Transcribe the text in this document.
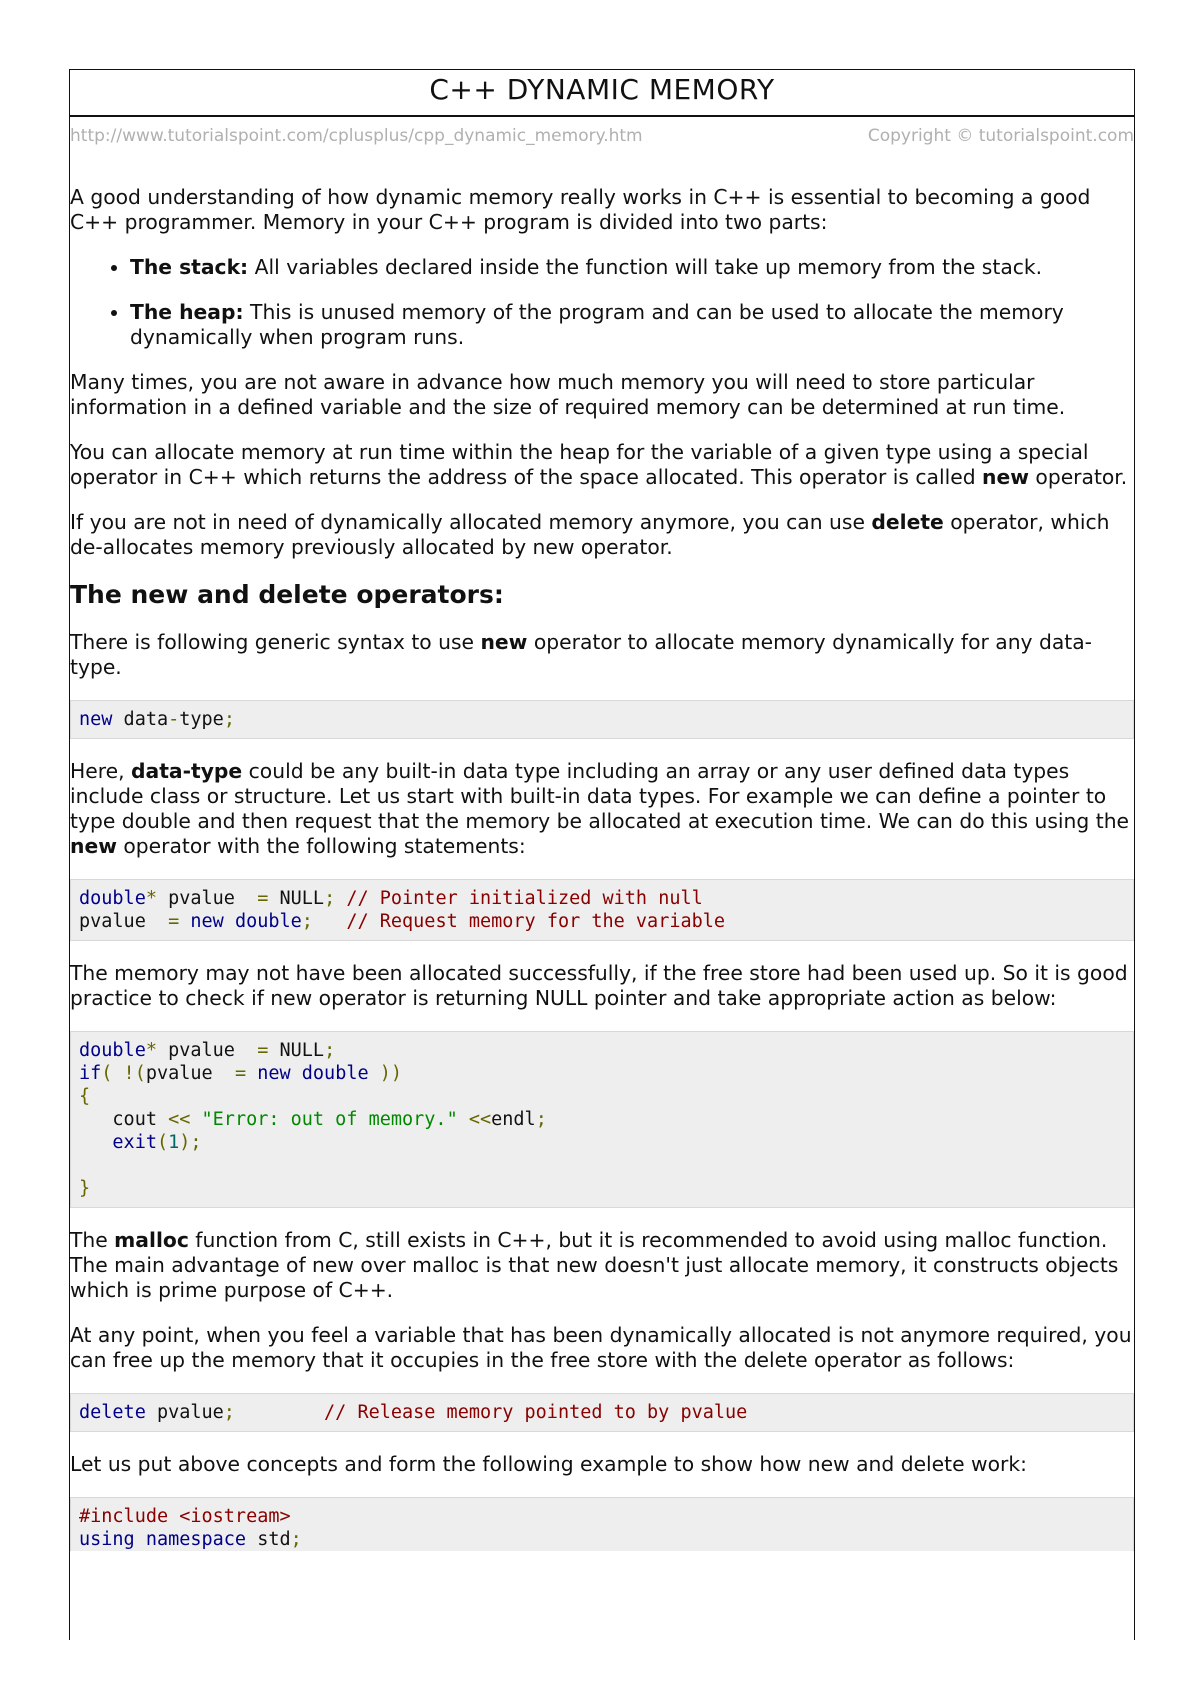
C++ DYNAMIC MEMORY
http://www.tutorialspoint.com/cplusplus/cpp_dynamic_memory.htm	Copyright © tutorialspoint.com

A good understanding of how dynamic memory really works in C++ is essential to becoming a good C++ programmer. Memory in your C++ program is divided into two parts:

• The stack: All variables declared inside the function will take up memory from the stack.
• The heap: This is unused memory of the program and can be used to allocate the memory dynamically when program runs.

Many times, you are not aware in advance how much memory you will need to store particular information in a defined variable and the size of required memory can be determined at run time.

You can allocate memory at run time within the heap for the variable of a given type using a special operator in C++ which returns the address of the space allocated. This operator is called new operator.

If you are not in need of dynamically allocated memory anymore, you can use delete operator, which de-allocates memory previously allocated by new operator.

The new and delete operators:

There is following generic syntax to use new operator to allocate memory dynamically for any data-type.

new data-type;

Here, data-type could be any built-in data type including an array or any user defined data types include class or structure. Let us start with built-in data types. For example we can define a pointer to type double and then request that the memory be allocated at execution time. We can do this using the new operator with the following statements:

double* pvalue  = NULL; // Pointer initialized with null
pvalue  = new double;   // Request memory for the variable

The memory may not have been allocated successfully, if the free store had been used up. So it is good practice to check if new operator is returning NULL pointer and take appropriate action as below:

double* pvalue  = NULL;
if( !(pvalue  = new double ))
{
cout << "Error: out of memory." <<endl;
exit(1);

}

The malloc function from C, still exists in C++, but it is recommended to avoid using malloc function. The main advantage of new over malloc is that new doesn't just allocate memory, it constructs objects which is prime purpose of C++.

At any point, when you feel a variable that has been dynamically allocated is not anymore required, you can free up the memory that it occupies in the free store with the delete operator as follows:

delete pvalue;        // Release memory pointed to by pvalue

Let us put above concepts and form the following example to show how new and delete work:

#include <iostream>
using namespace std;
